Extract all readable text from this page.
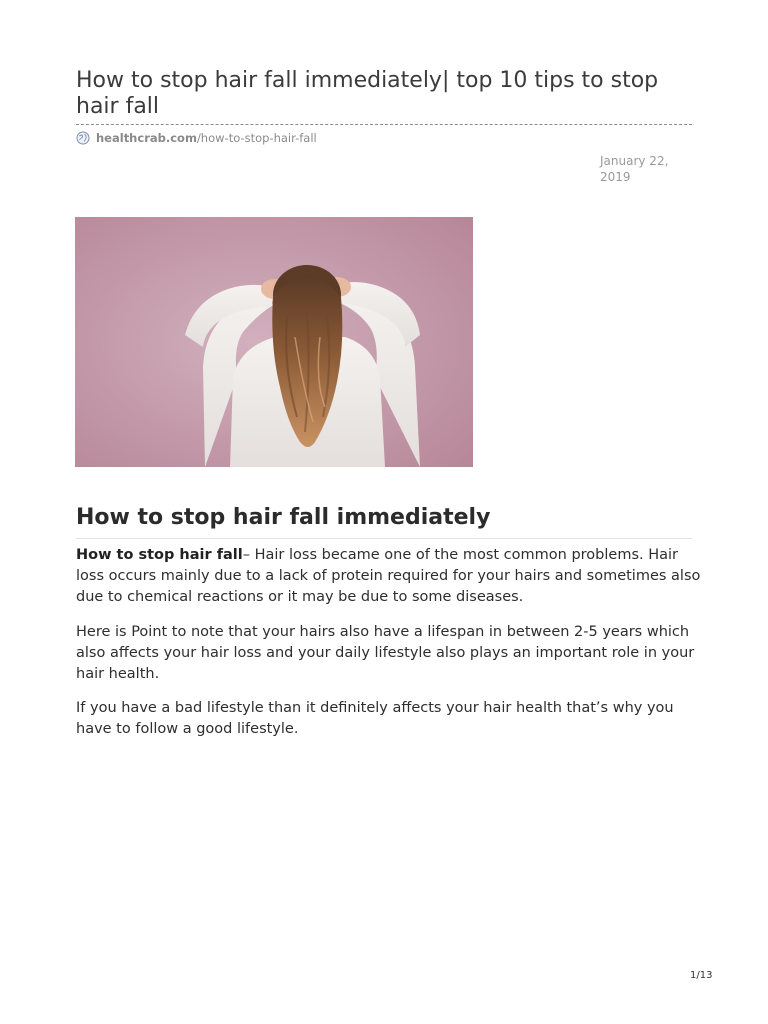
How to stop hair fall immediately| top 10 tips to stop hair fall
healthcrab.com /how-to-stop-hair-fall
January 22,
2019
How to stop hair fall immediately

How to stop hair fall– Hair loss became one of the most common problems. Hair loss occurs mainly due to a lack of protein required for your hairs and sometimes also due to chemical reactions or it may be due to some diseases.

Here is Point to note that your hairs also have a lifespan in between 2-5 years which also affects your hair loss and your daily lifestyle also plays an important role in your hair health.

If you have a bad lifestyle than it definitely affects your hair health that’s why you have to follow a good lifestyle.

1/13
